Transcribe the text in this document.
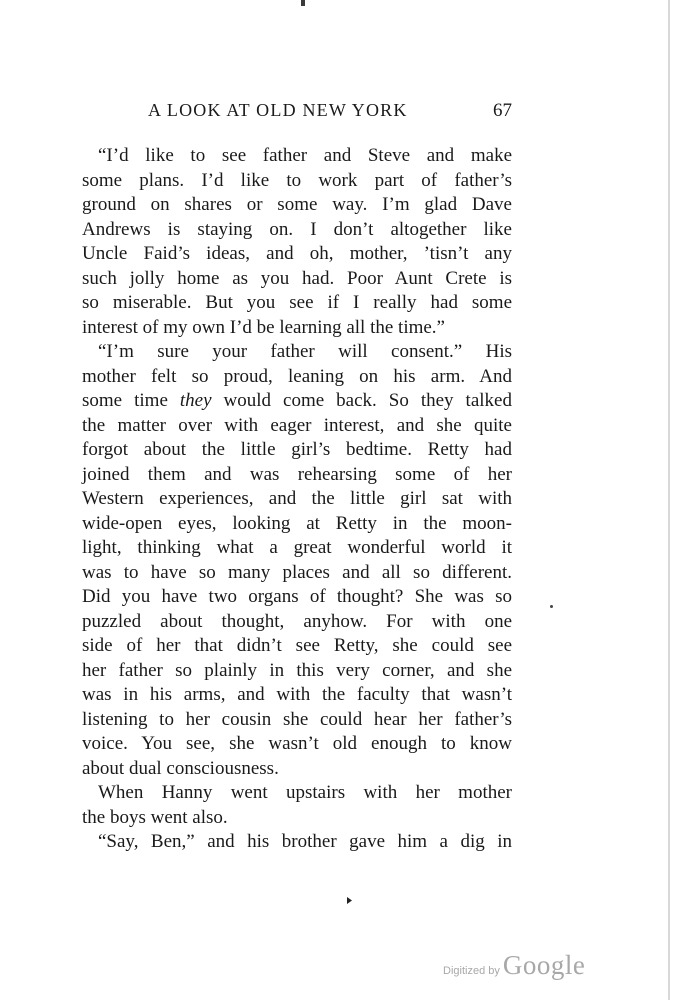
A LOOK AT OLD NEW YORK	67
“I’d like to see father and Steve and make
some plans. I’d like to work part of father’s
ground on shares or some way. I’m glad Dave
Andrews is staying on. I don’t altogether like
Uncle Faid’s ideas, and oh, mother, ’tisn’t any
such jolly home as you had. Poor Aunt Crete is
so miserable. But you see if I really had some
interest of my own I’d be learning all the time.”
“I’m sure your father will consent.” His
mother felt so proud, leaning on his arm. And
some time they would come back. So they talked
the matter over with eager interest, and she quite
forgot about the little girl’s bedtime. Retty had
joined them and was rehearsing some of her
Western experiences, and the little girl sat with
wide-open eyes, looking at Retty in the moon-
light, thinking what a great wonderful world it
was to have so many places and all so different.
Did you have two organs of thought? She was so
puzzled about thought, anyhow. For with one
side of her that didn’t see Retty, she could see
her father so plainly in this very corner, and she
was in his arms, and with the faculty that wasn’t
listening to her cousin she could hear her father’s
voice. You see, she wasn’t old enough to know
about dual consciousness.
When Hanny went upstairs with her mother
the boys went also.
“Say, Ben,” and his brother gave him a dig in
Digitized by Google
